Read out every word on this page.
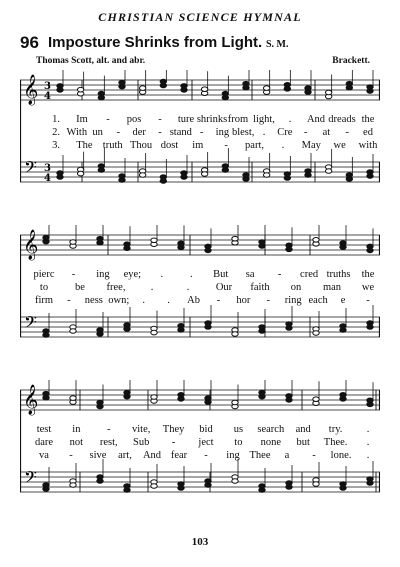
CHRISTIAN SCIENCE HYMNAL
96 Imposture Shrinks from Light. S. M.
Thomas Scott, alt. and abr.	Brackett.
𝄞
𝄢
3
4
3
4
1. Im - pos - ture shrinks from light, . And dreads the
2. With un - der - stand - ing blest, . Cre - at - ed
3. The truth Thou dost im - part, . May we with
𝄞
𝄢
pierc - ing eye; .	. But sa - cred truths the
to	be free, .	.	Our faith on man we
firm - ness own; . . Ab - hor - ring each e -
𝄞
𝄢
test in	- vite, They bid us search and try. .
dare not rest, Sub - ject to none but Thee. .
va - sive art, And fear - ing Thee a - lone. .
103
